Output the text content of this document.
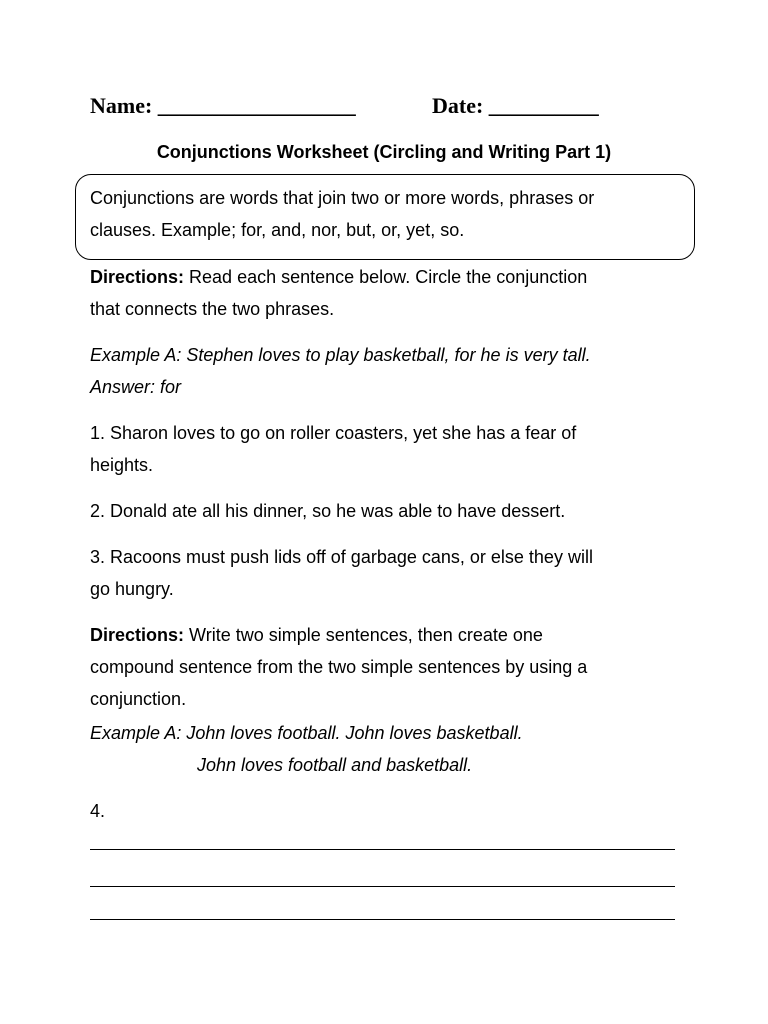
Name: __________________	Date: __________
Conjunctions Worksheet (Circling and Writing Part 1)
Conjunctions are words that join two or more words, phrases or
clauses. Example; for, and, nor, but, or, yet, so.
Directions: Read each sentence below. Circle the conjunction
that connects the two phrases.
Example A: Stephen loves to play basketball, for he is very tall.
Answer: for
1. Sharon loves to go on roller coasters, yet she has a fear of
heights.
2. Donald ate all his dinner, so he was able to have dessert.
3. Racoons must push lids off of garbage cans, or else they will
go hungry.
Directions: Write two simple sentences, then create one
compound sentence from the two simple sentences by using a
conjunction.
Example A: John loves football. John loves basketball.
John loves football and basketball.
4.
